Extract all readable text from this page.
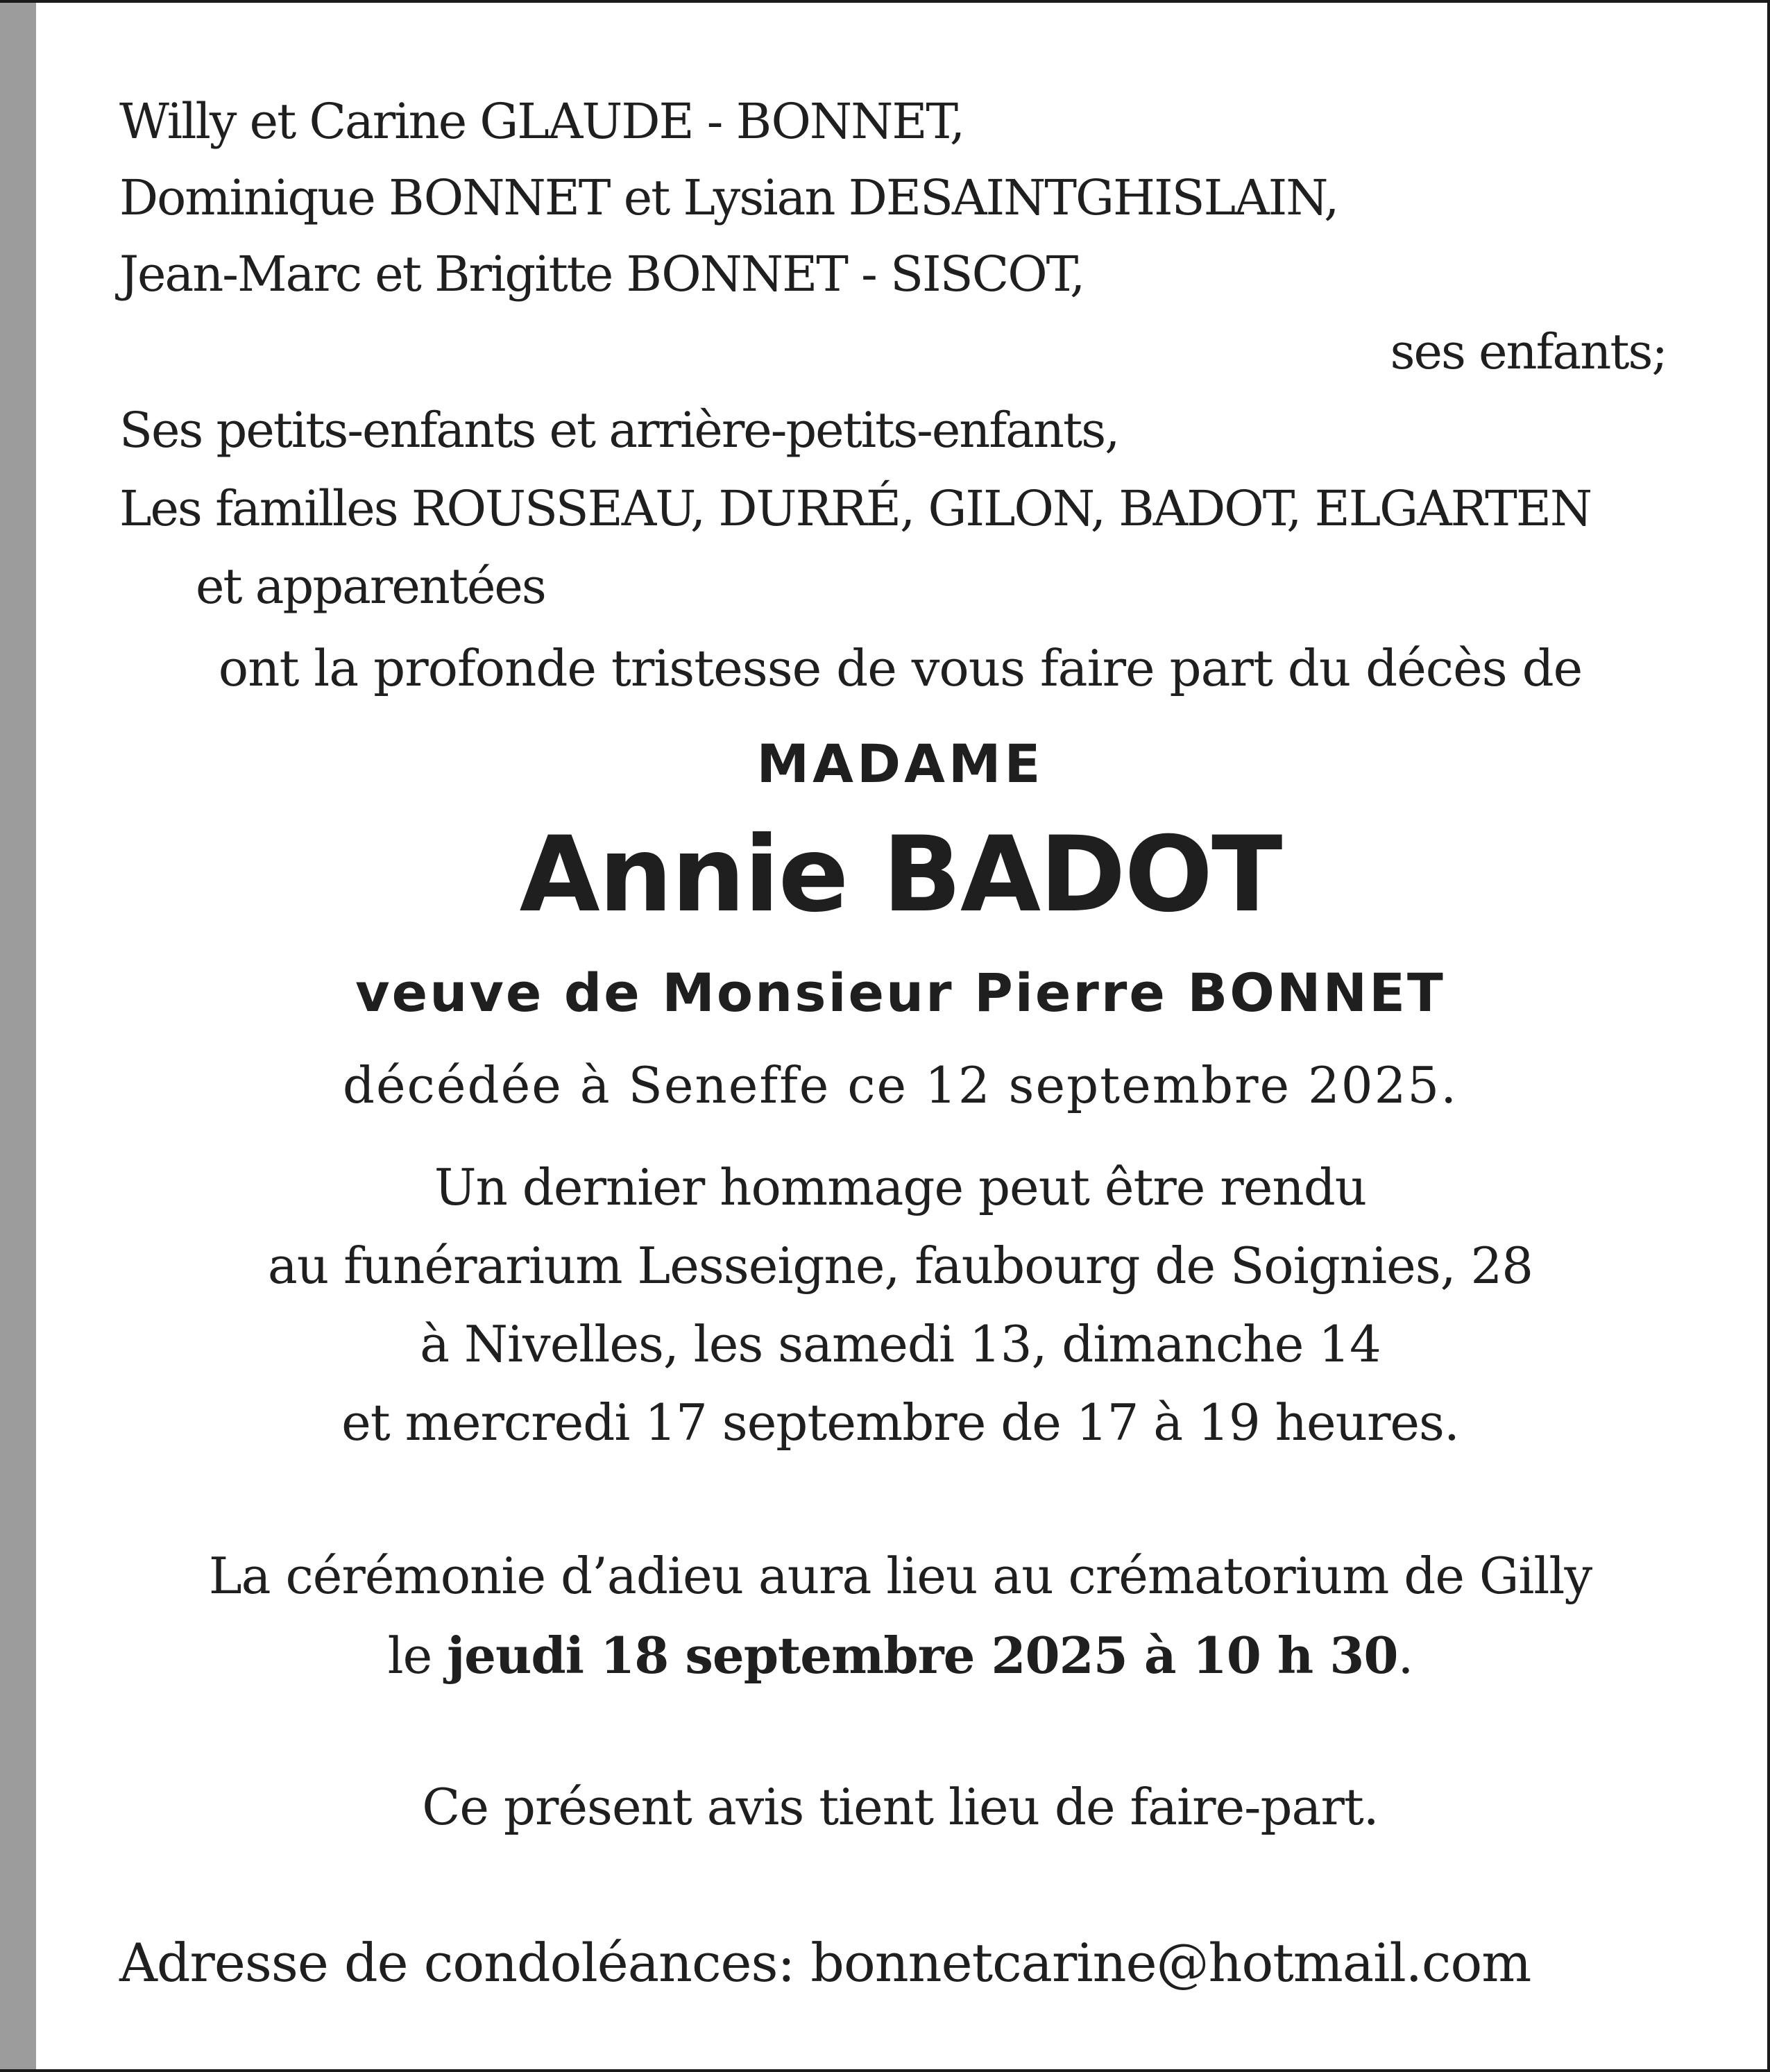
Willy et Carine GLAUDE - BONNET,
Dominique BONNET et Lysian DESAINTGHISLAIN,
Jean-Marc et Brigitte BONNET - SISCOT,
ses enfants;
Ses petits-enfants et arrière-petits-enfants,
Les familles ROUSSEAU, DURRÉ, GILON, BADOT, ELGARTEN
et apparentées
ont la profonde tristesse de vous faire part du décès de
MADAME
Annie BADOT
veuve de Monsieur Pierre BONNET
décédée à Seneffe ce 12 septembre 2025.
Un dernier hommage peut être rendu
au funérarium Lesseigne, faubourg de Soignies, 28
à Nivelles, les samedi 13, dimanche 14
et mercredi 17 septembre de 17 à 19 heures.
La cérémonie d’adieu aura lieu au crématorium de Gilly
le jeudi 18 septembre 2025 à 10 h 30.
Ce présent avis tient lieu de faire-part.
Adresse de condoléances: bonnetcarine@hotmail.com
